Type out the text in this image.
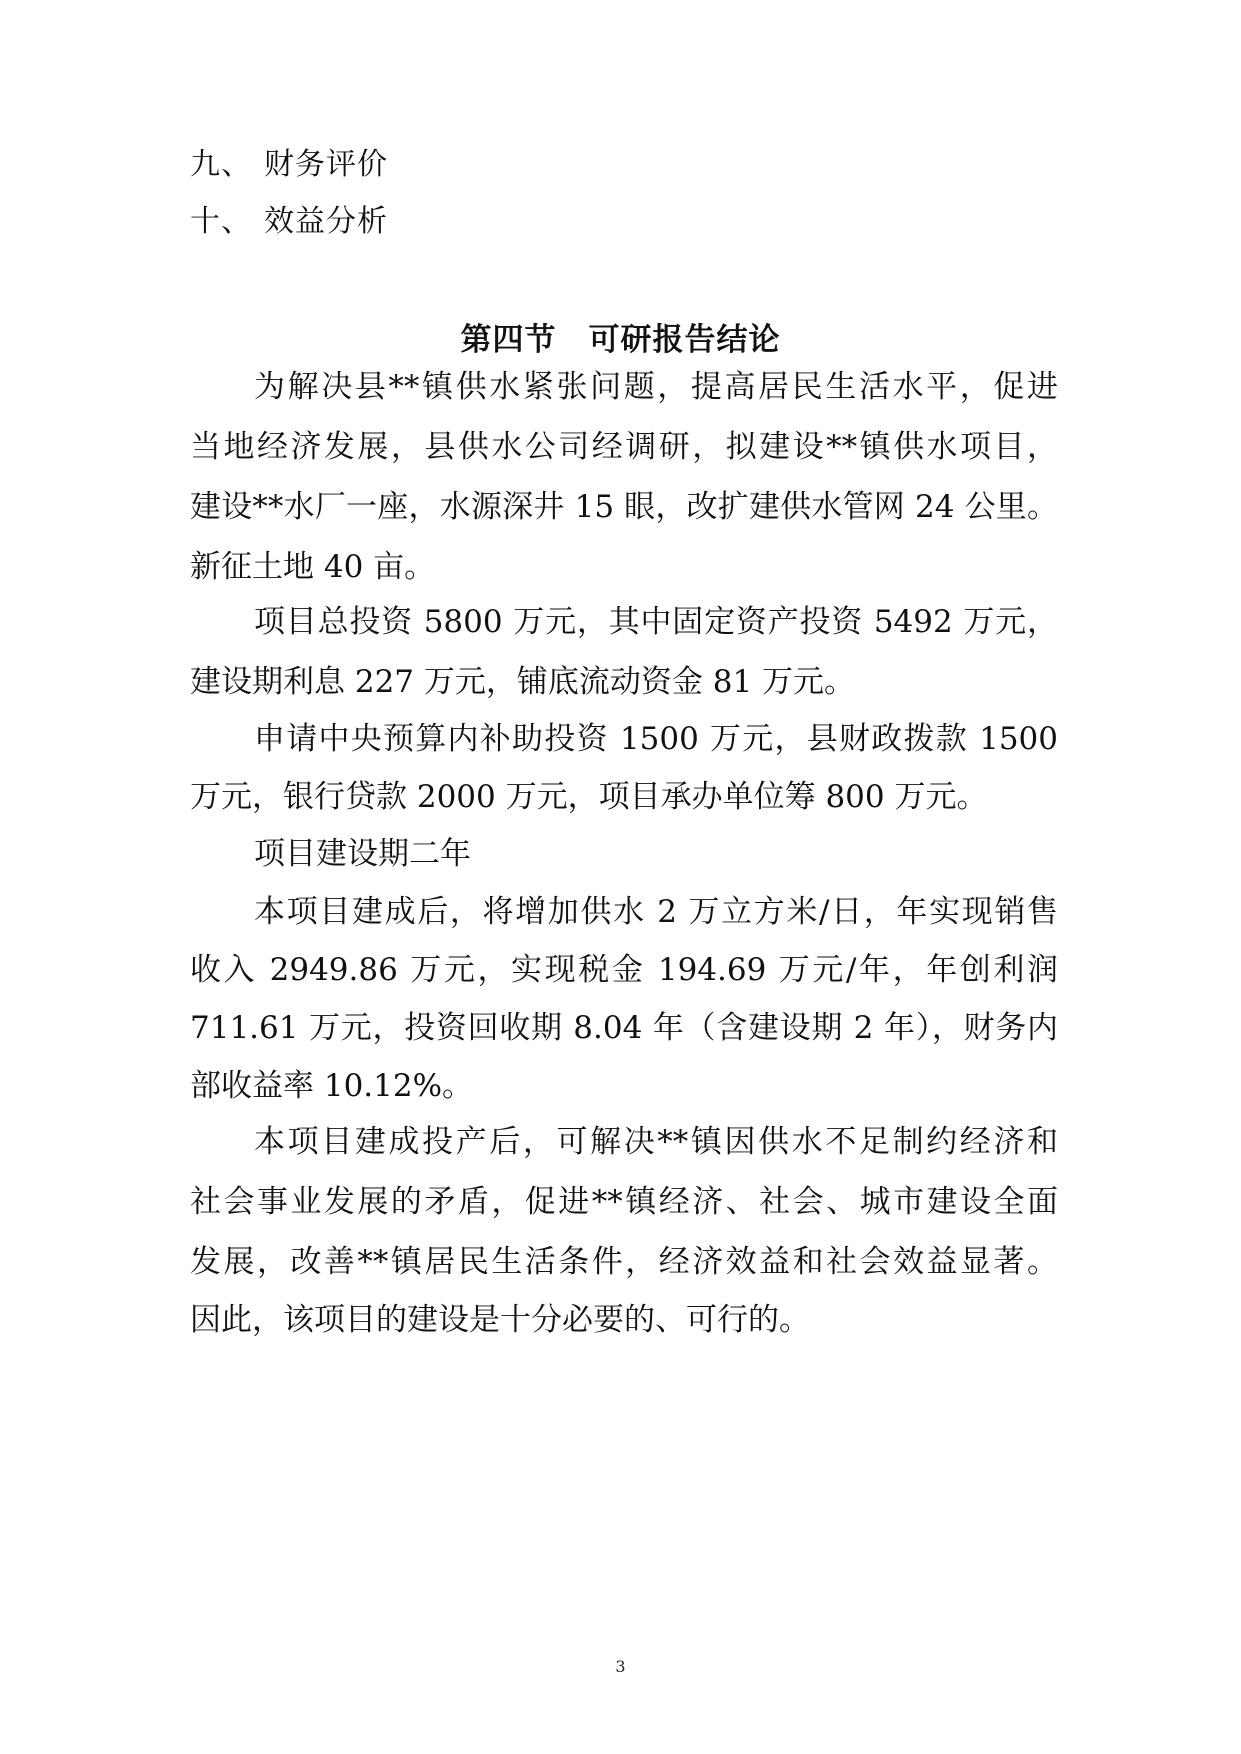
九、 财务评价
十、 效益分析
第四节　可研报告结论
为解决县**镇供水紧张问题，提高居民生活水平，促进
当地经济发展，县供水公司经调研，拟建设**镇供水项目，
建设**水厂一座，水源深井 15 眼，改扩建供水管网 24 公里。
新征土地 40 亩。
项目总投资 5800 万元，其中固定资产投资 5492 万元，
建设期利息 227 万元，铺底流动资金 81 万元。
申请中央预算内补助投资 1500 万元，县财政拨款 1500
万元，银行贷款 2000 万元，项目承办单位筹 800 万元。
项目建设期二年
本项目建成后，将增加供水 2 万立方米/日，年实现销售
收入 2949.86 万元，实现税金 194.69 万元/年，年创利润
711.61 万元，投资回收期 8.04 年（含建设期 2 年），财务内
部收益率 10.12%。
本项目建成投产后，可解决**镇因供水不足制约经济和
社会事业发展的矛盾，促进**镇经济、社会、城市建设全面
发展，改善**镇居民生活条件，经济效益和社会效益显著。
因此，该项目的建设是十分必要的、可行的。
3
